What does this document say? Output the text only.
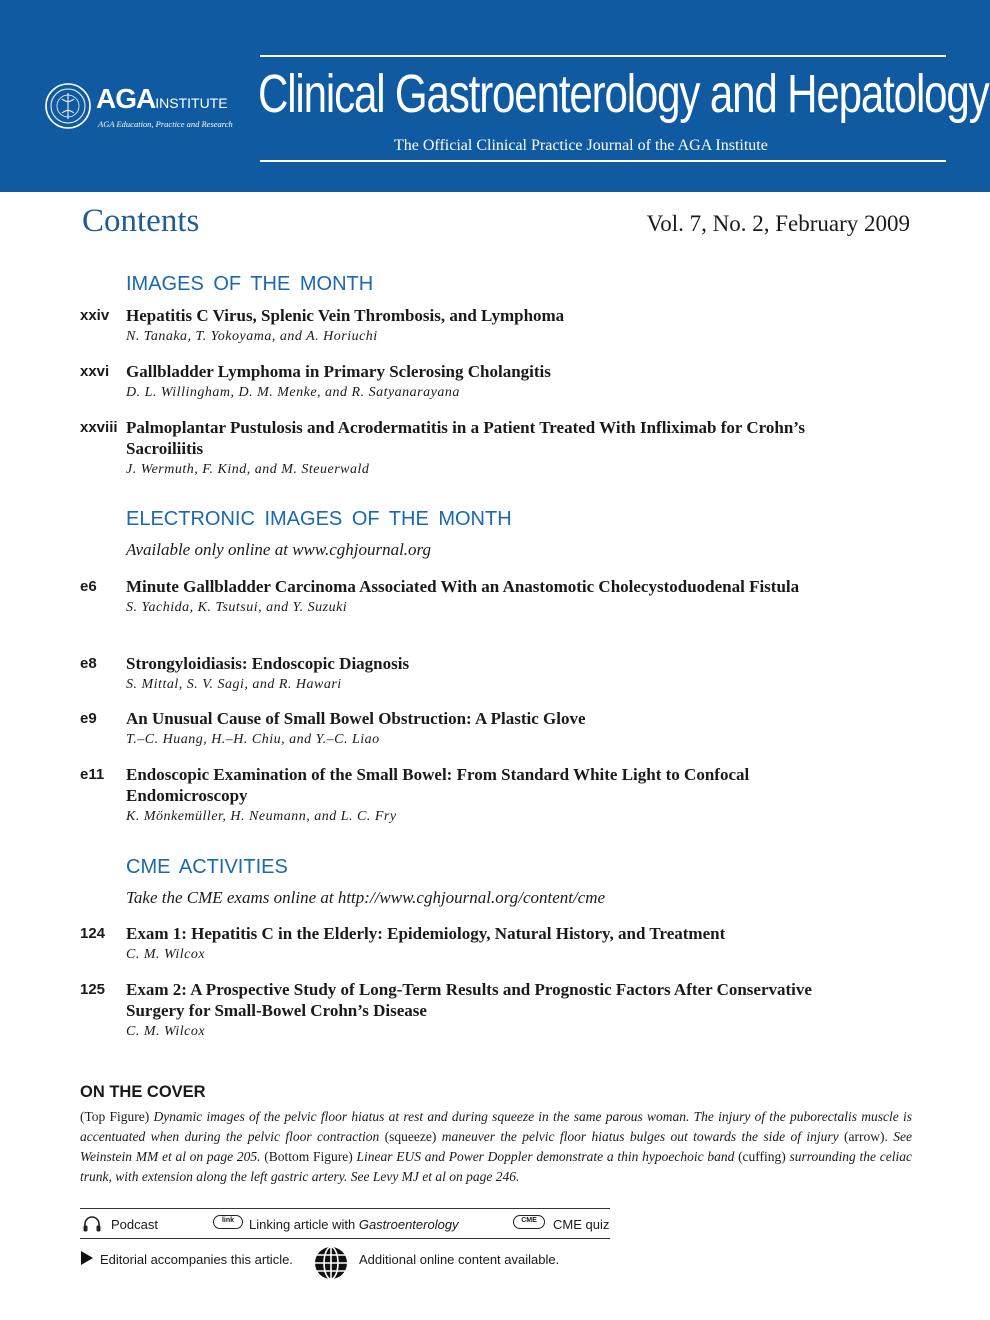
AGAINSTITUTE
AGA Education, Practice and Research Clinical Gastroenterology and Hepatology
The Official Clinical Practice Journal of the AGA Institute
Contents	Vol. 7, No. 2, February 2009
IMAGES OF THE MONTH
xxiv Hepatitis C Virus, Splenic Vein Thrombosis, and Lymphoma
N. Tanaka, T. Yokoyama, and A. Horiuchi
xxvi Gallbladder Lymphoma in Primary Sclerosing Cholangitis
D. L. Willingham, D. M. Menke, and R. Satyanarayana
xxviii Palmoplantar Pustulosis and Acrodermatitis in a Patient Treated With Infliximab for Crohn’s Sacroiliitis
J. Wermuth, F. Kind, and M. Steuerwald
ELECTRONIC IMAGES OF THE MONTH
Available only online at www.cghjournal.org
e6 Minute Gallbladder Carcinoma Associated With an Anastomotic Cholecystoduodenal Fistula
S. Yachida, K. Tsutsui, and Y. Suzuki
e8 Strongyloidiasis: Endoscopic Diagnosis
S. Mittal, S. V. Sagi, and R. Hawari
e9 An Unusual Cause of Small Bowel Obstruction: A Plastic Glove
T.–C. Huang, H.–H. Chiu, and Y.–C. Liao
e11 Endoscopic Examination of the Small Bowel: From Standard White Light to Confocal Endomicroscopy
K. Mönkemüller, H. Neumann, and L. C. Fry
CME ACTIVITIES
Take the CME exams online at http://www.cghjournal.org/content/cme
124 Exam 1: Hepatitis C in the Elderly: Epidemiology, Natural History, and Treatment
C. M. Wilcox
125 Exam 2: A Prospective Study of Long-Term Results and Prognostic Factors After Conservative Surgery for Small-Bowel Crohn’s Disease
C. M. Wilcox
ON THE COVER
(Top Figure) Dynamic images of the pelvic floor hiatus at rest and during squeeze in the same parous woman. The injury of the puborectalis muscle is accentuated when during the pelvic floor contraction (squeeze) maneuver the pelvic floor hiatus bulges out towards the side of injury (arrow). See Weinstein MM et al on page 205. (Bottom Figure) Linear EUS and Power Doppler demonstrate a thin hypoechoic band (cuffing) surrounding the celiac trunk, with extension along the left gastric artery. See Levy MJ et al on page 246.
Podcast	link	Linking article with Gastroenterology	CME	CME quiz
Editorial accompanies this article.	Additional online content available.
